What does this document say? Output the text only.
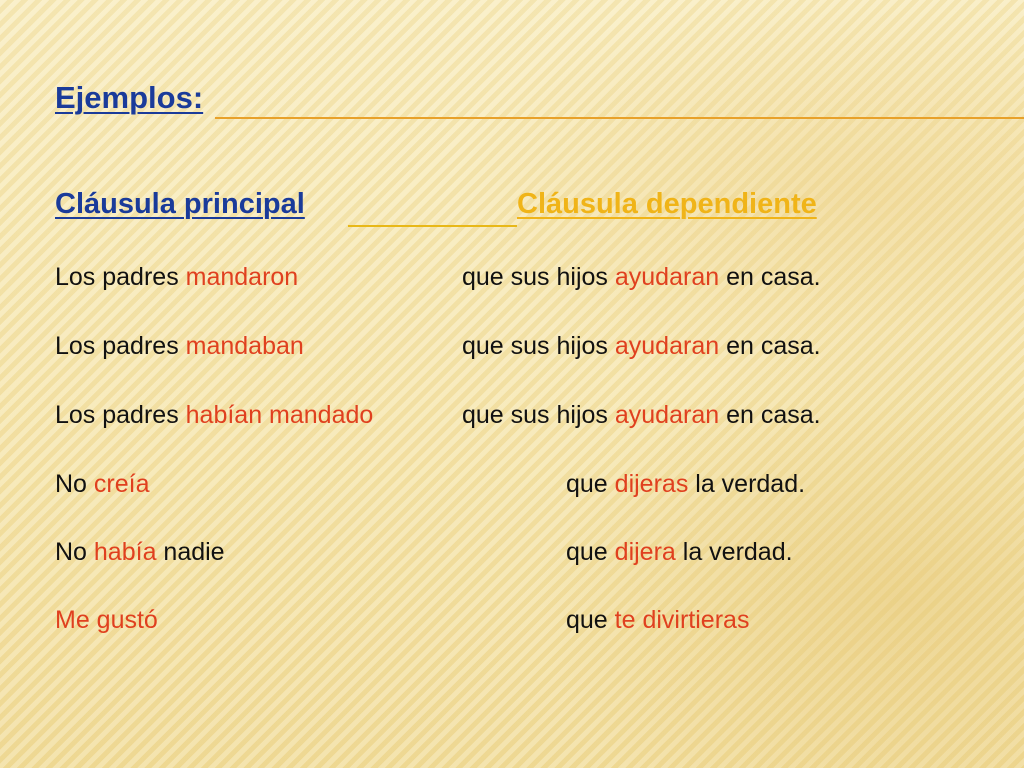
Ejemplos:
Cláusula principal	Cláusula dependiente
Los padres mandaron	que sus hijos ayudaran en casa.
Los padres mandaban	que sus hijos ayudaran en casa.
Los padres habían mandado	que sus hijos ayudaran en casa.
No creía	que dijeras la verdad.
No había nadie	que dijera la verdad.
Me gustó	que te divirtieras
